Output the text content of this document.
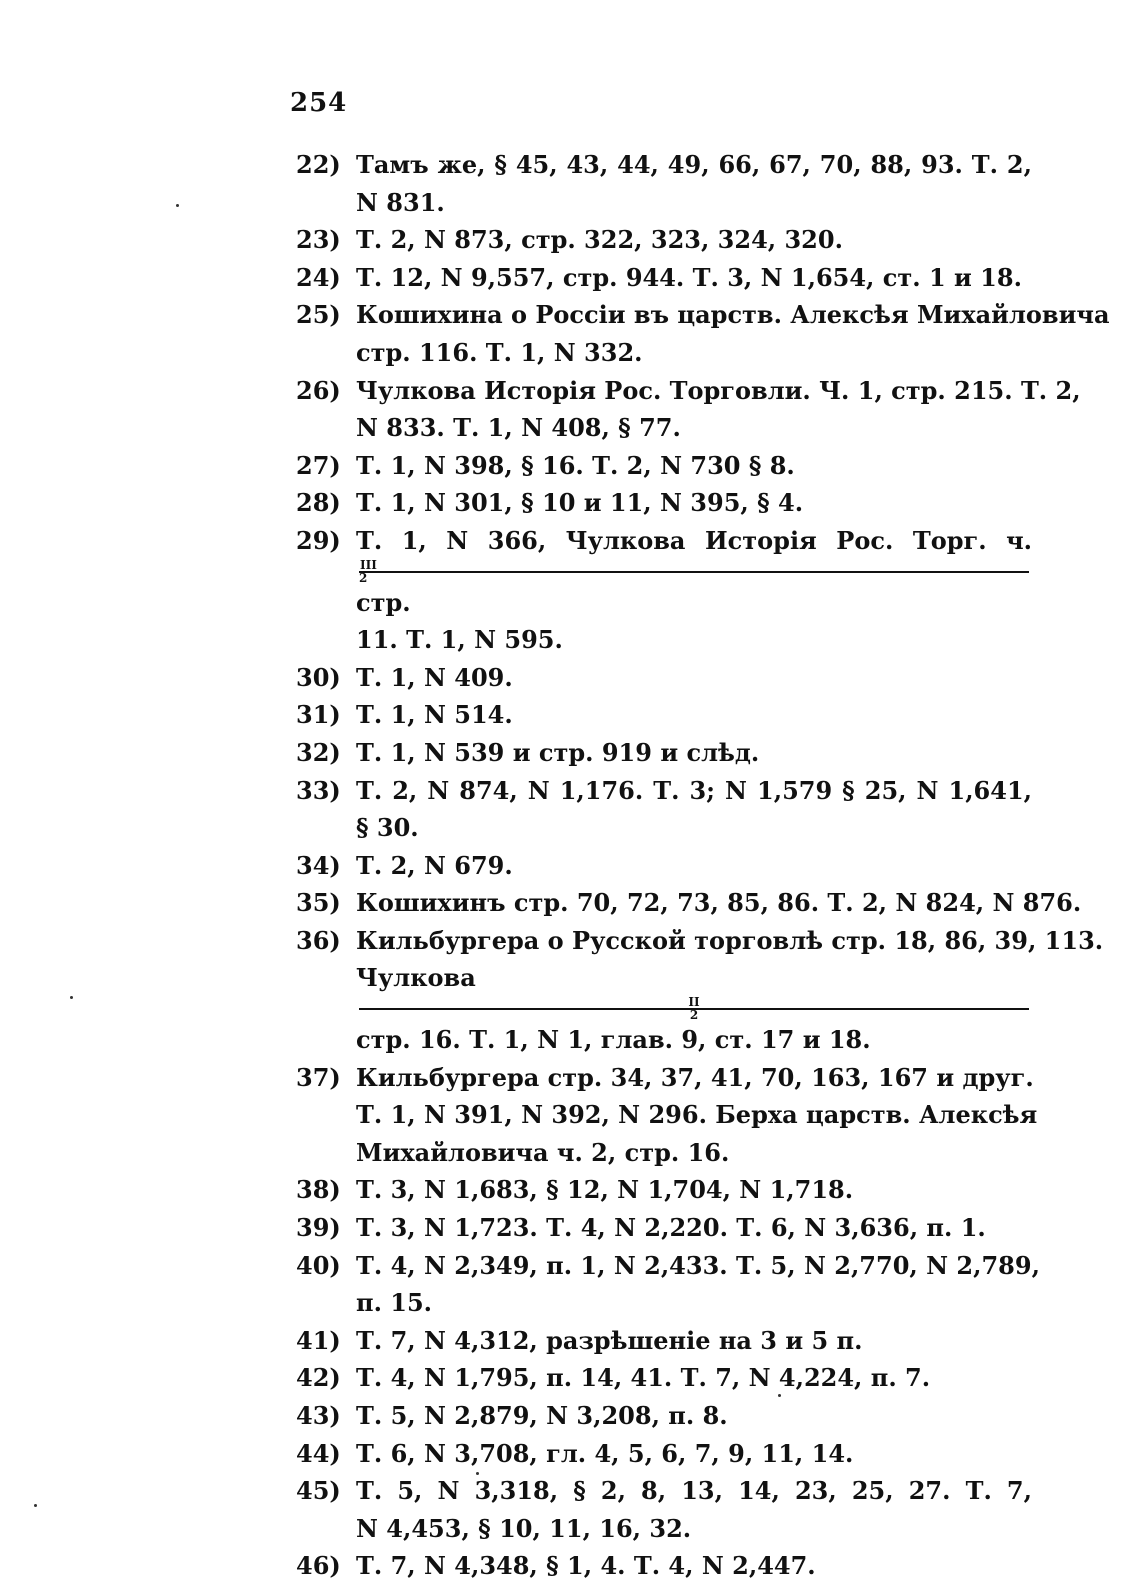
254
22) Тамъ же, § 45, 43, 44, 49, 66, 67, 70, 88, 93. Т. 2,
N 831.
23) Т. 2, N 873, стр. 322, 323, 324, 320.
24) Т. 12, N 9,557, стр. 944. Т. 3, N 1,654, ст. 1 и 18.
25) Кошихина о Россіи въ царств. Алексѣя Михайловича
стр. 116. Т. 1, N 332.
26) Чулкова Исторія Рос. Торговли. Ч. 1, стр. 215. Т. 2,
N 833. Т. 1, N 408, § 77.
27) Т. 1, N 398, § 16. Т. 2, N 730 § 8.
28) Т. 1, N 301, § 10 и 11, N 395, § 4.
29) Т. 1, N 366, Чулкова Исторія Рос. Торг. ч.
III
2
стр.
11. Т. 1, N 595.
30) Т. 1, N 409.
31) Т. 1, N 514.
32) Т. 1, N 539 и стр. 919 и слѣд.
33) Т. 2, N 874, N 1,176. Т. 3; N 1,579 § 25, N 1,641,
§ 30.
34) Т. 2, N 679.
35) Кошихинъ стр. 70, 72, 73, 85, 86. Т. 2, N 824, N 876.
36) Кильбургера о Русской торговлѣ стр. 18, 86, 39, 113.
Чулкова
II
2
стр. 16. Т. 1, N 1, глав. 9, ст. 17 и 18.
37) Кильбургера стр. 34, 37, 41, 70, 163, 167 и друг.
Т. 1, N 391, N 392, N 296. Берха царств. Алексѣя
Михайловича ч. 2, стр. 16.
38) Т. 3, N 1,683, § 12, N 1,704, N 1,718.
39) Т. 3, N 1,723. Т. 4, N 2,220. Т. 6, N 3,636, п. 1.
40) Т. 4, N 2,349, п. 1, N 2,433. Т. 5, N 2,770, N 2,789,
п. 15.
41) Т. 7, N 4,312, разрѣшеніе на 3 и 5 п.
42) Т. 4, N 1,795, п. 14, 41. Т. 7, N 4,224, п. 7.
43) Т. 5, N 2,879, N 3,208, п. 8.
44) Т. 6, N 3,708, гл. 4, 5, 6, 7, 9, 11, 14.
45) Т. 5, N 3,318, § 2, 8, 13, 14, 23, 25, 27. Т. 7,
N 4,453, § 10, 11, 16, 32.
46) Т. 7, N 4,348, § 1, 4. Т. 4, N 2,447.
